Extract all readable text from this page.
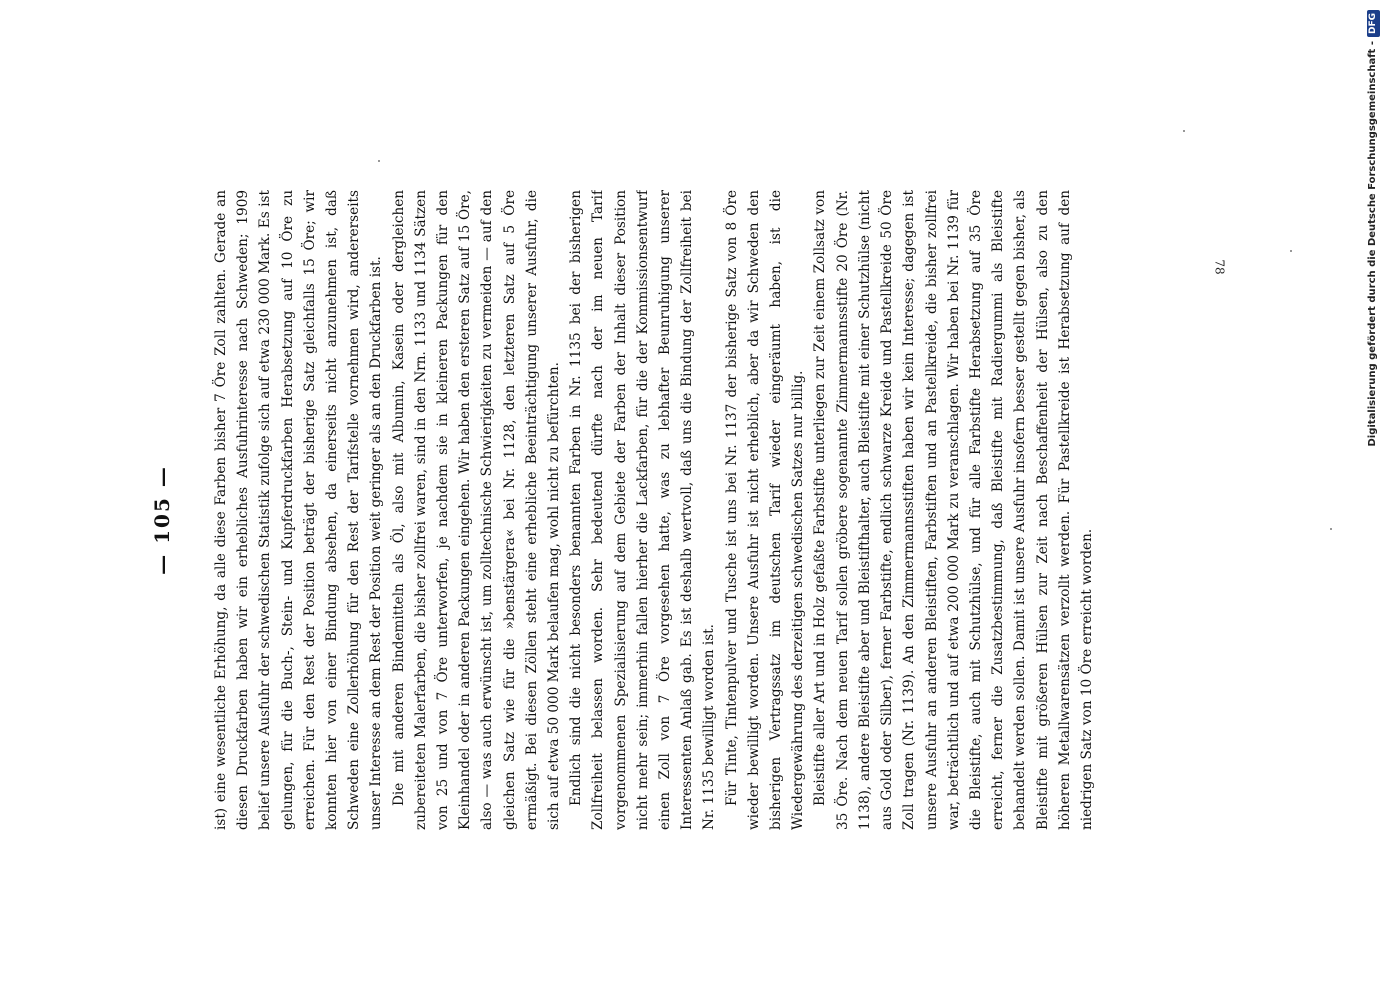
— 105 —	ist) eine wesentliche Erhöhung, da alle diese Farben bisher 7 Öre Zoll zahlten. Gerade an diesen Druckfarben haben wir ein erhebliches Ausfuhrinteresse nach Schweden; 1909 belief unsere Ausfuhr der schwedischen Statistik zufolge sich auf etwa 230 000 Mark. Es ist gelungen, für die Buch-, Stein- und Kupferdruckfarben Herabsetzung auf 10 Öre zu erreichen. Für den Rest der Position beträgt der bisherige Satz gleichfalls 15 Öre; wir konnten hier von einer Bindung absehen, da einerseits nicht anzunehmen ist, daß Schweden eine Zollerhöhung für den Rest der Tarifstelle vornehmen wird, andererseits unser Interesse an dem Rest der Position weit geringer als an den Druckfarben ist. Die mit anderen Bindemitteln als Öl, also mit Albumin, Kasein oder dergleichen zubereiteten Malerfarben, die bisher zollfrei waren, sind in den Nrn. 1133 und 1134 Sätzen von 25 und von 7 Öre unterworfen, je nachdem sie in kleineren Packungen für den Kleinhandel oder in anderen Packungen eingehen. Wir haben den ersteren Satz auf 15 Öre, also — was auch erwünscht ist, um zolltechnische Schwierigkeiten zu vermeiden — auf den gleichen Satz wie für die »benstärgera« bei Nr. 1128, den letzteren Satz auf 5 Öre ermäßigt. Bei diesen Zöllen steht eine erhebliche Beeinträchtigung unserer Ausfuhr, die sich auf etwa 50 000 Mark belaufen mag, wohl nicht zu befürchten. Endlich sind die nicht besonders benannten Farben in Nr. 1135 bei der bisherigen Zollfreiheit belassen worden. Sehr bedeutend dürfte nach der im neuen Tarif vorgenommenen Spezialisierung auf dem Gebiete der Farben der Inhalt dieser Position nicht mehr sein; immerhin fallen hierher die Lackfarben, für die der Kommissionsentwurf einen Zoll von 7 Öre vorgesehen hatte, was zu lebhafter Beunruhigung unserer Interessenten Anlaß gab. Es ist deshalb wertvoll, daß uns die Bindung der Zollfreiheit bei Nr. 1135 bewilligt worden ist. Für Tinte, Tintenpulver und Tusche ist uns bei Nr. 1137 der bisherige Satz von 8 Öre wieder bewilligt worden. Unsere Ausfuhr ist nicht erheblich, aber da wir Schweden den bisherigen Vertragssatz im deutschen Tarif wieder eingeräumt haben, ist die Wiedergewährung des derzeitigen schwedischen Satzes nur billig. Bleistifte aller Art und in Holz gefaßte Farbstifte unterliegen zur Zeit einem Zollsatz von 35 Öre. Nach dem neuen Tarif sollen gröbere sogenannte Zimmermannsstifte 20 Öre (Nr. 1138), andere Bleistifte aber und Bleistifthalter, auch Bleistifte mit einer Schutzhülse (nicht aus Gold oder Silber), ferner Farbstifte, endlich schwarze Kreide und Pastellkreide 50 Öre Zoll tragen (Nr. 1139). An den Zimmermannsstiften haben wir kein Interesse; dagegen ist unsere Ausfuhr an anderen Bleistiften, Farbstiften und an Pastellkreide, die bisher zollfrei war, beträchtlich und auf etwa 200 000 Mark zu veranschlagen. Wir haben bei Nr. 1139 für die Bleistifte, auch mit Schutzhülse, und für alle Farbstifte Herabsetzung auf 35 Öre erreicht, ferner die Zusatzbestimmung, daß Bleistifte mit Radiergummi als Bleistifte behandelt werden sollen. Damit ist unsere Ausfuhr insofern besser gestellt gegen bisher, als Bleistifte mit größeren Hülsen zur Zeit nach Beschaffenheit der Hülsen, also zu den höheren Metallwarensätzen verzollt werden. Für Pastellkreide ist Herabsetzung auf den niedrigen Satz von 10 Öre erreicht worden.

78	Digitalisierung gefördert durch die Deutsche Forschungsgemeinschaft -DFG
